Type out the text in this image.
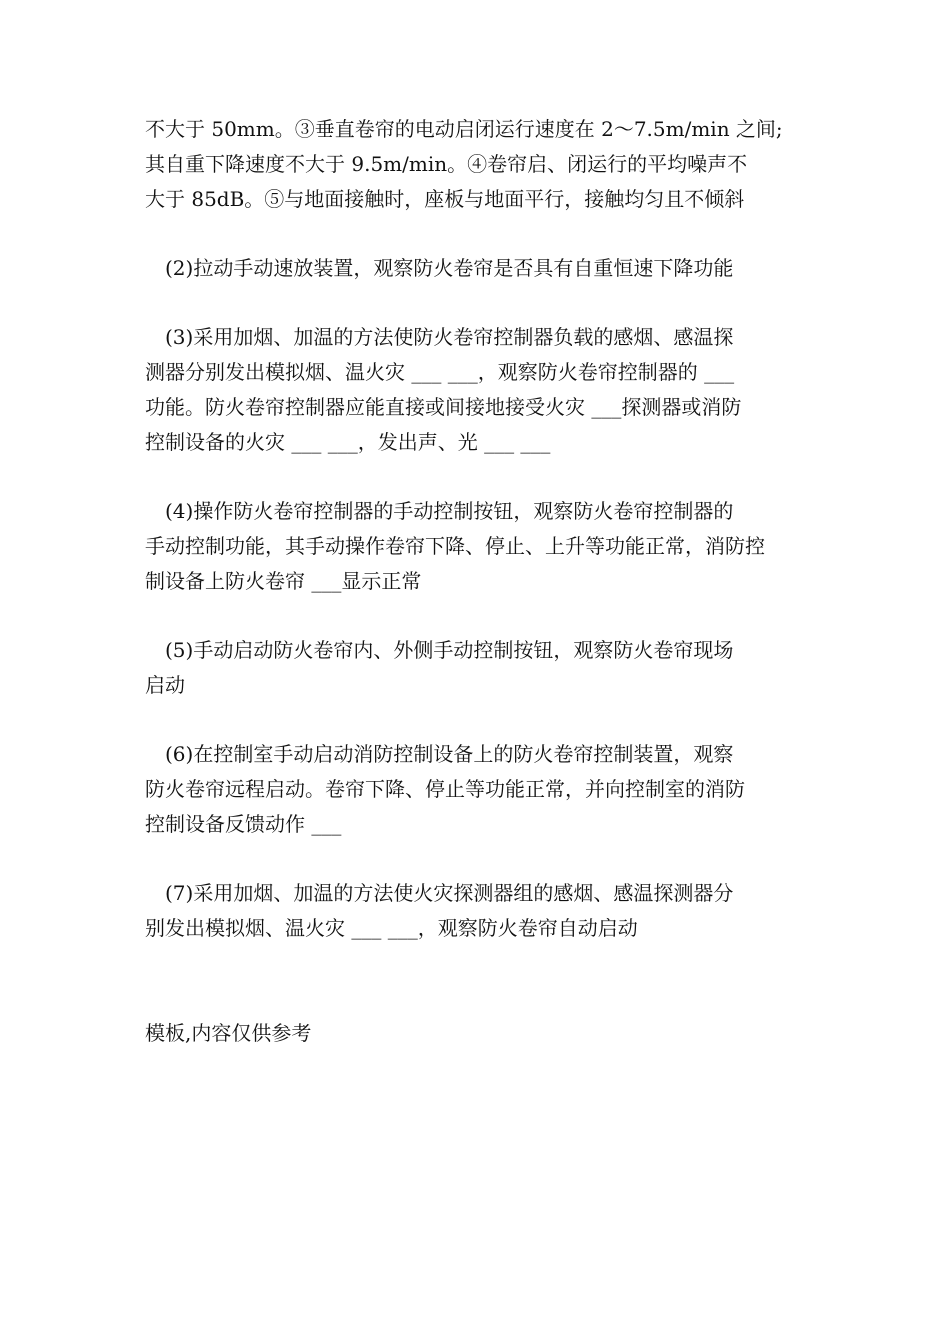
不大于 50mm。③垂直卷帘的电动启闭运行速度在 2～7.5m/min 之间;
其自重下降速度不大于 9.5m/min。④卷帘启、闭运行的平均噪声不
大于 85dB。⑤与地面接触时，座板与地面平行，接触均匀且不倾斜
(2)拉动手动速放装置，观察防火卷帘是否具有自重恒速下降功能
(3)采用加烟、加温的方法使防火卷帘控制器负载的感烟、感温探
测器分别发出模拟烟、温火灾 ___ ___，观察防火卷帘控制器的 ___
功能。防火卷帘控制器应能直接或间接地接受火灾 ___探测器或消防
控制设备的火灾 ___ ___，发出声、光 ___ ___
(4)操作防火卷帘控制器的手动控制按钮，观察防火卷帘控制器的
手动控制功能，其手动操作卷帘下降、停止、上升等功能正常，消防控
制设备上防火卷帘 ___显示正常
(5)手动启动防火卷帘内、外侧手动控制按钮，观察防火卷帘现场
启动
(6)在控制室手动启动消防控制设备上的防火卷帘控制装置，观察
防火卷帘远程启动。卷帘下降、停止等功能正常，并向控制室的消防
控制设备反馈动作 ___
(7)采用加烟、加温的方法使火灾探测器组的感烟、感温探测器分
别发出模拟烟、温火灾 ___ ___，观察防火卷帘自动启动
模板,内容仅供参考
